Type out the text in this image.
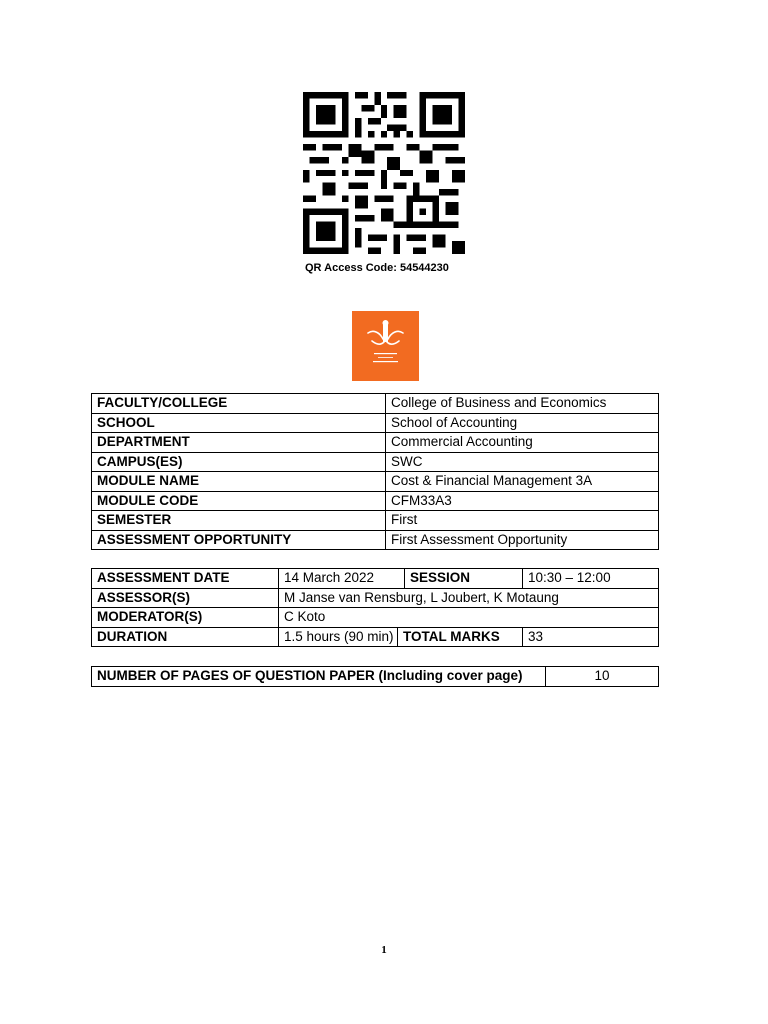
QR Access Code: 54544230
FACULTY/COLLEGE	College of Business and Economics
SCHOOL	School of Accounting
DEPARTMENT	Commercial Accounting
CAMPUS(ES)	SWC
MODULE NAME	Cost & Financial Management 3A
MODULE CODE	CFM33A3
SEMESTER	First
ASSESSMENT OPPORTUNITY	First Assessment Opportunity
ASSESSMENT DATE	14 March 2022		SESSION	10:30 – 12:00
ASSESSOR(S)	M Janse van Rensburg, L Joubert, K Motaung			
MODERATOR(S)	C Koto			
DURATION	1.5 hours (90 min)	TOTAL MARKS		33
NUMBER OF PAGES OF QUESTION PAPER (Including cover page)	10
1
